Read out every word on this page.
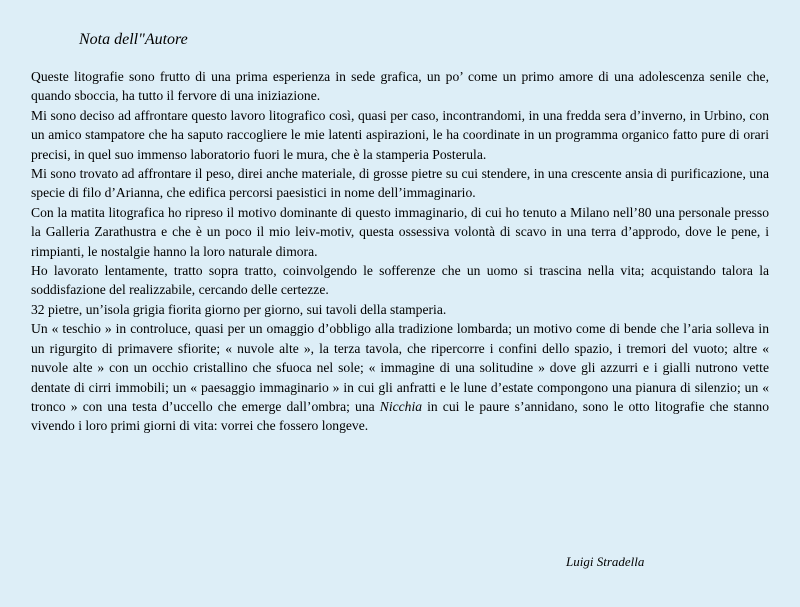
Nota dell"Autore

Queste litografie sono frutto di una prima esperienza in sede grafica, un po’ come un primo amore di una adolescenza senile che, quando sboccia, ha tutto il fervore di una iniziazione.

Mi sono deciso ad affrontare questo lavoro litografico così, quasi per caso, incontrandomi, in una fredda sera d’inverno, in Urbino, con un amico stampatore che ha saputo raccogliere le mie latenti aspirazioni, le ha coordinate in un programma organico fatto pure di orari precisi, in quel suo immenso laboratorio fuori le mura, che è la stamperia Posterula.

Mi sono trovato ad affrontare il peso, direi anche materiale, di grosse pietre su cui stendere, in una crescente ansia di purificazione, una specie di filo d’Arianna, che edifica percorsi paesistici in nome dell’immaginario.

Con la matita litografica ho ripreso il motivo dominante di questo immaginario, di cui ho tenuto a Milano nell’80 una personale presso la Galleria Zarathustra e che è un poco il mio leiv-motiv, questa ossessiva volontà di scavo in una terra d’approdo, dove le pene, i rimpianti, le nostalgie hanno la loro naturale dimora.

Ho lavorato lentamente, tratto sopra tratto, coinvolgendo le sofferenze che un uomo si trascina nella vita; acquistando talora la soddisfazione del realizzabile, cercando delle certezze.

32 pietre, un’isola grigia fiorita giorno per giorno, sui tavoli della stamperia.

Un « teschio » in controluce, quasi per un omaggio d’obbligo alla tradizione lombarda; un motivo come di bende che l’aria solleva in un rigurgito di primavere sfiorite; « nuvole alte », la terza tavola, che ripercorre i confini dello spazio, i tremori del vuoto; altre « nuvole alte » con un occhio cristallino che sfuoca nel sole; « immagine di una solitudine » dove gli azzurri e i gialli nutrono vette dentate di cirri immobili; un « paesaggio immaginario » in cui gli anfratti e le lune d’estate compongono una pianura di silenzio; un « tronco » con una testa d’uccello che emerge dall’ombra; una Nicchia in cui le paure s’annidano, sono le otto litografie che stanno vivendo i loro primi giorni di vita: vorrei che fossero longeve.

Luigi Stradella
